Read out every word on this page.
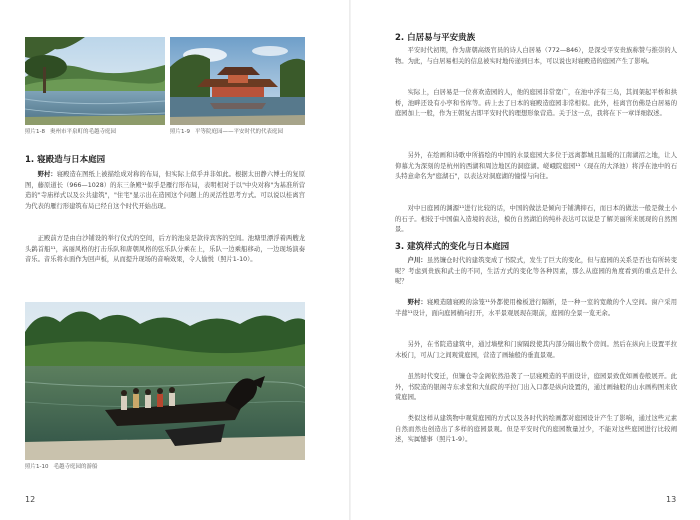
照片1-8 奥州市平泉町的毛越寺庭园	照片1-9 平等院庭园——平安时代的代表庭园
1. 寝殿造与日本庭园
野村：寝殿造在图纸上被描绘成对称的布局，但实际上似乎并非如此。根据太田静六博士的复原图，藤原道长（966—1028）的东三条殿¹¹似乎是雁行形布局，表明相对于以"中央对称"为基准所营造的"寺庙样式以及公共建筑"，"住宅"显示出在造园这个问题上的灵活性思考方式。可以说以桂离宫为代表的雁行形建筑布局已经自这个时代开始出现。
正殿前方是由白沙铺设的举行仪式的空间，后方的池泉是款待宾客的空间。池塘里漂浮着两艘龙头鹢首船¹¹，高丽风格的打击乐队和唐朝风格的弦乐队分乘在上，乐队一边乘船移动，一边现场演奏音乐。音乐将水面作为回声板，从而提升现场的音响效果，令人愉悦（照片1-10）。
照片1-10 毛越寺庭园的游船
12
2. 白居易与平安贵族
平安时代初期，作为唐朝高级官员的诗人白居易（772—846），是深受平安贵族称赞与推崇的人物。为此，与白居易相关的信息被实时地传递到日本，可以说也对寝殿造的庭园产生了影响。
实际上，白居易是一位喜欢造园的人，他的庭园非常宽广，在池中浮有三岛，其间架起平桥和拱桥，池畔还设有小亭和书库等。砖上去了日本的寝殿造庭园非常相似。此外，桂离宫仿佛是白居易的庭园加上一般，作为王朝复古即平安时代的理想形象营造。关于这一点，我将在下一章详细叙述。
另外，在绘画和诗歌中所描绘的中国的水景庭园大多位于远离都城且温暖的江南湖沼之地，让人仰慕尤为深刻的是杭州的西湖和周边地区的洞庭湖。嵯峨院庭园¹¹（现在的大泽池）将浮在池中的石头特意命名为"庭湖石"，以表达对洞庭湖的憧憬与向往。
对中日庭园的渊源¹¹进行比较的话，中国的做法是倾向于铺满抑石，而日本的做法一般是微土小的石子。相较于中国偏入造境的表达，模仿自然湖泊的纯朴表达可以说是了解美丽所来展现的自然图景。
3. 建筑样式的变化与日本庭园
户川：虽然镰仓时代的建筑变成了书院式，发生了巨大的变化，但与庭园的关系是否也有所转变呢？考虑到贵族和武士的不同，生活方式的变化等各种因素，那么从庭园的角度看到的重点是什么呢？
野村：寝殿造随寝殿的涂笼¹¹外都使用橡板进行隔断，是一种一室的宽敞的个人空间。窗户采用半蔀¹¹设计，面向庭园横向打开，水平景观展现在眼前，庭园的全景一览无余。
另外，在书院造建筑中，通过墙壁和门窗隔段使其内部分隔出数个房间。然后在纵向上设置平拉木板门，可从门之间观赏庭园，营造了画轴般的垂直景观。
虽然时代变迁，但镰仓寺金阁依然沿袭了一层寝殿造的平面设计，庭园景致优如画卷般展开。此外，书院造的银阁寺东求堂和大仙院的平拉门出入口都是纵向设置的，通过画轴般的山水画构图来欣赏庭园。
类似这样从建筑物中观赏庭园的方式以及各时代的绘画都对庭园设计产生了影响，通过这些元素自然而然也创造出了多样的庭园景观。但是平安时代的庭园数量过少，不能对这些庭园进行比较阐述，实属憾事（照片1-9）。
13
